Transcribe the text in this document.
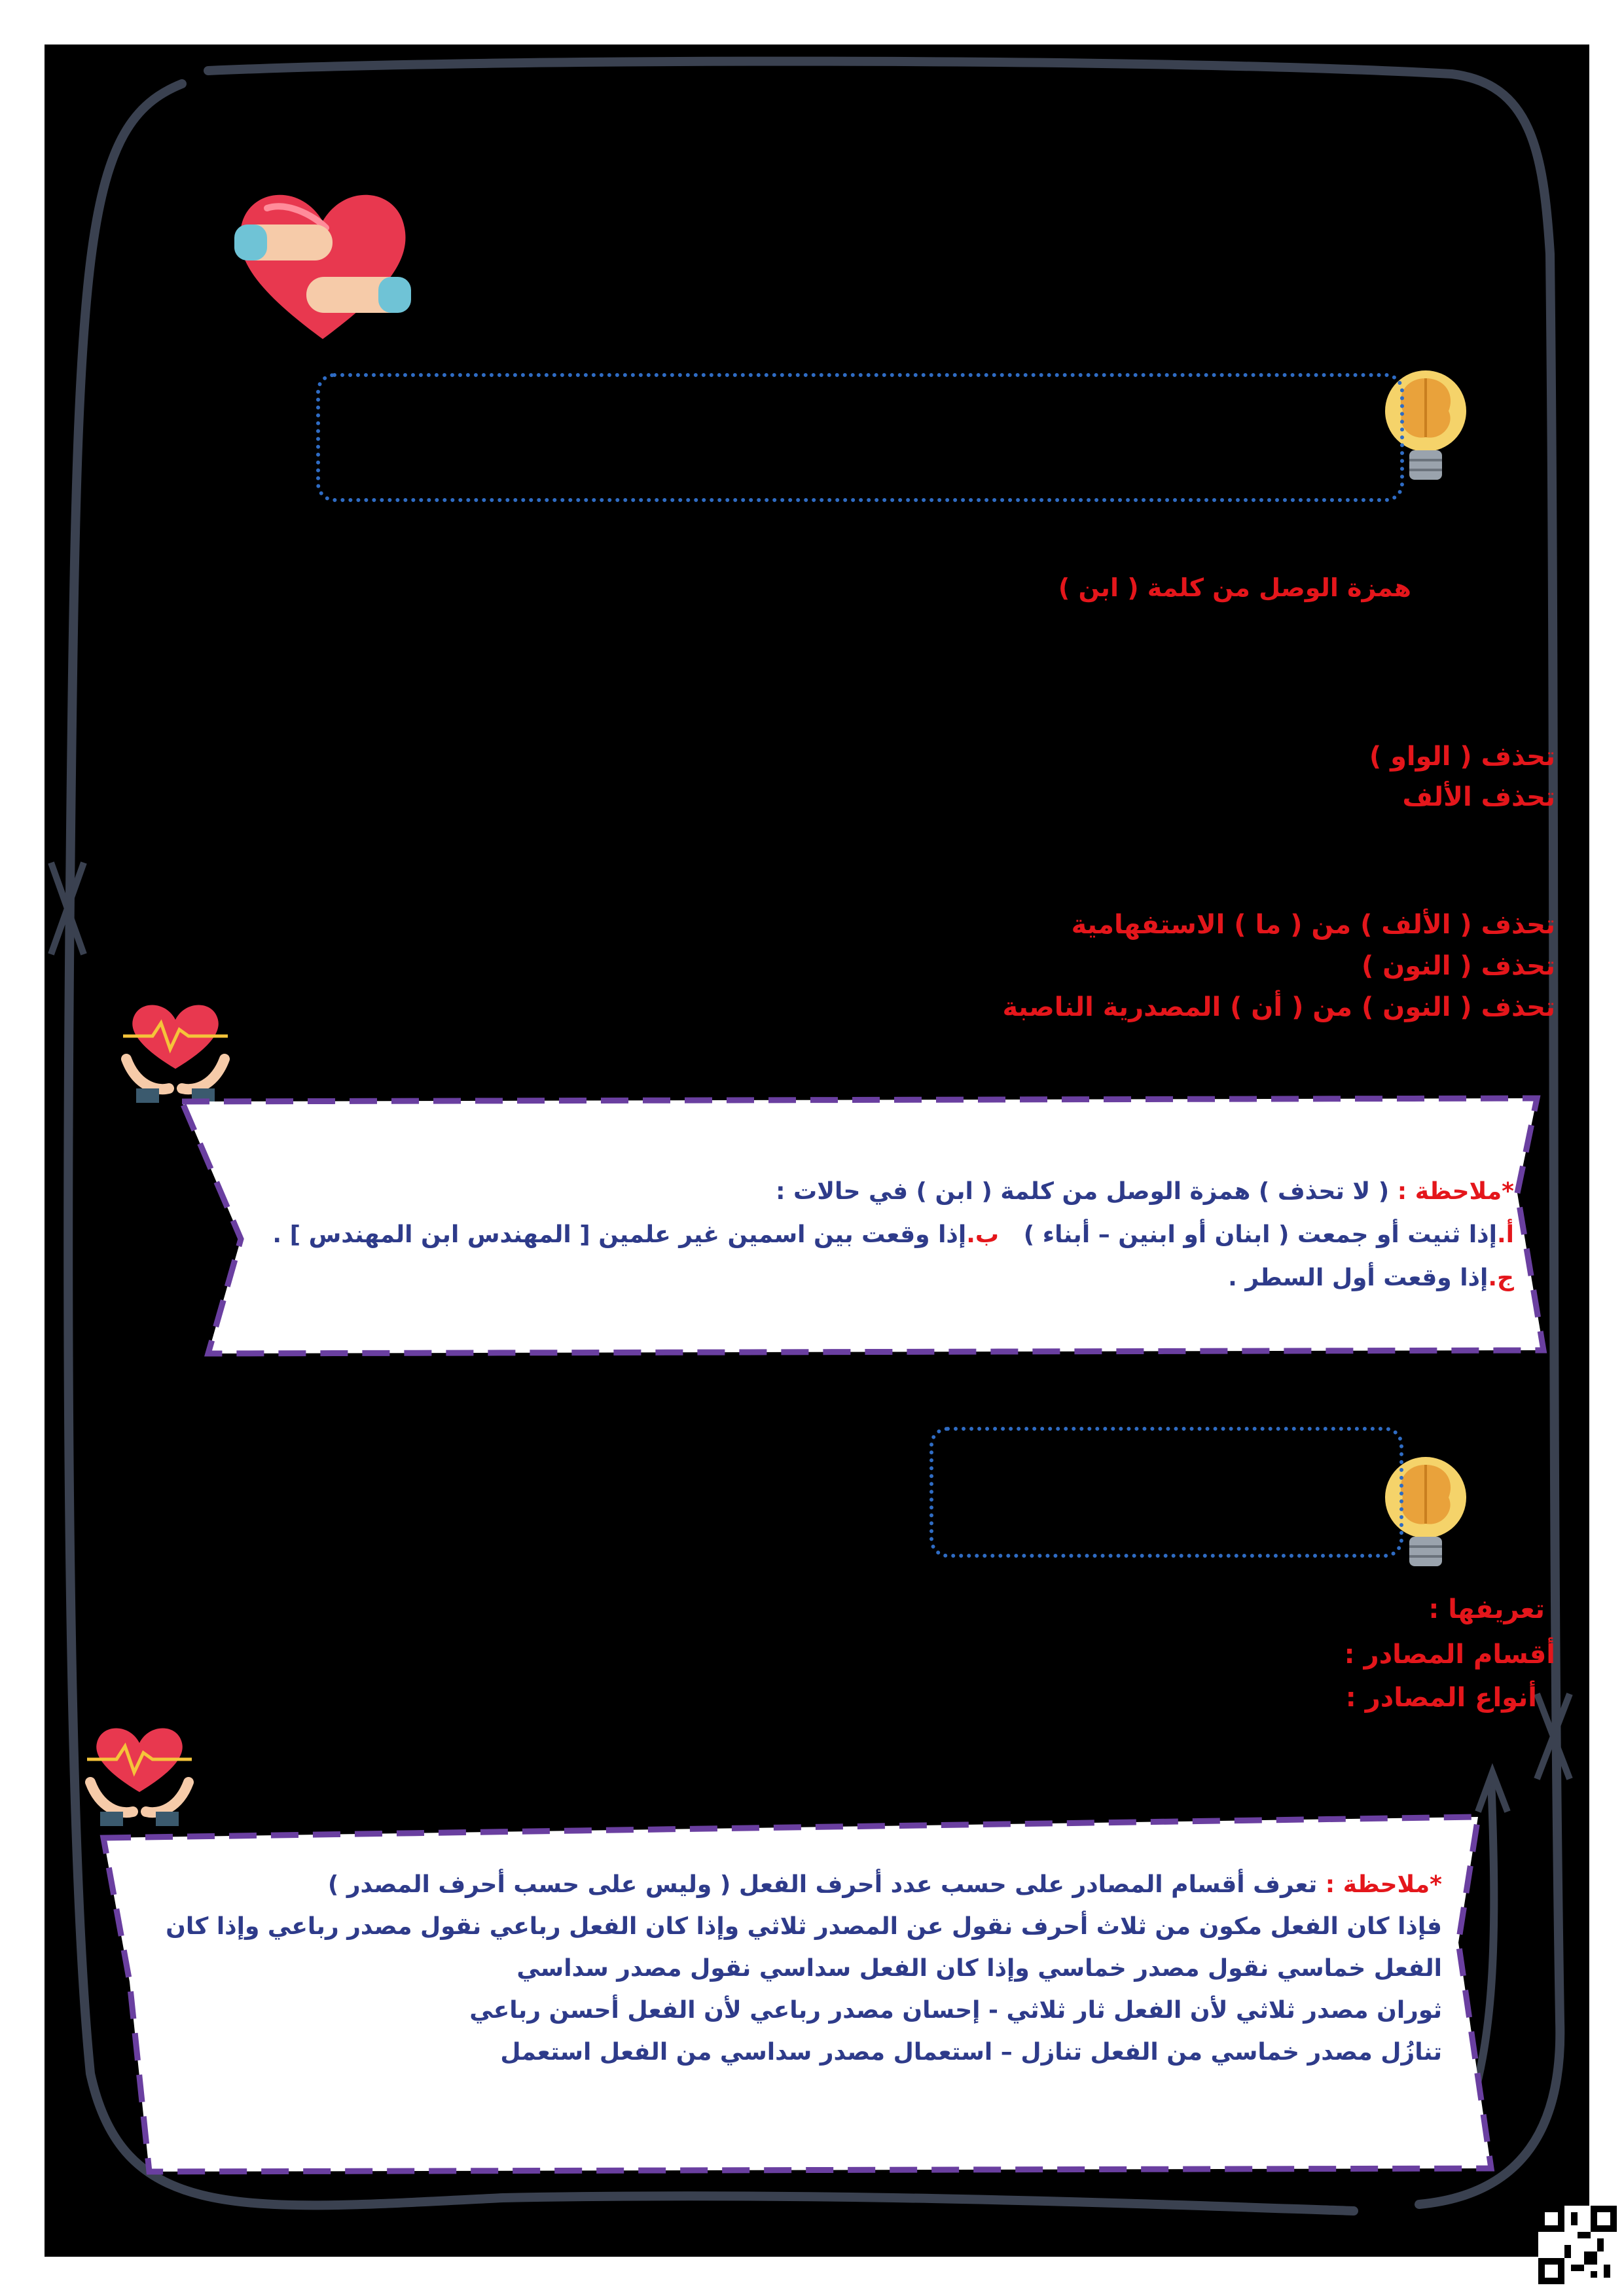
همزة الوصل من كلمة ( ابن )
تحذف ( الواو )
تحذف الألف
تحذف ( الألف ) من ( ما ) الاستفهامية
تحذف ( النون )
تحذف ( النون ) من ( أن ) المصدرية الناصبة
*ملاحظة : ( لا تحذف ) همزة الوصل من كلمة ( ابن ) في حالات :
أ.إذا ثنيت أو جمعت ( ابنان أو ابنين – أبناء )   ب.إذا وقعت بين اسمين غير علمين [ المهندس ابن المهندس ] .
ج.إذا وقعت أول السطر .
تعريفها :
أقسام المصادر :
أنواع المصادر :
*ملاحظة : تعرف أقسام المصادر على حسب عدد أحرف الفعل ( وليس على حسب أحرف المصدر )
فإذا كان الفعل مكون من ثلاث أحرف نقول عن المصدر ثلاثي وإذا كان الفعل رباعي نقول مصدر رباعي وإذا كان
الفعل خماسي نقول مصدر خماسي وإذا كان الفعل سداسي نقول مصدر سداسي
ثوران مصدر ثلاثي لأن الفعل ثار ثلاثي - إحسان مصدر رباعي لأن الفعل أحسن رباعي
تنازُل مصدر خماسي من الفعل تنازل – استعمال مصدر سداسي من الفعل استعمل
